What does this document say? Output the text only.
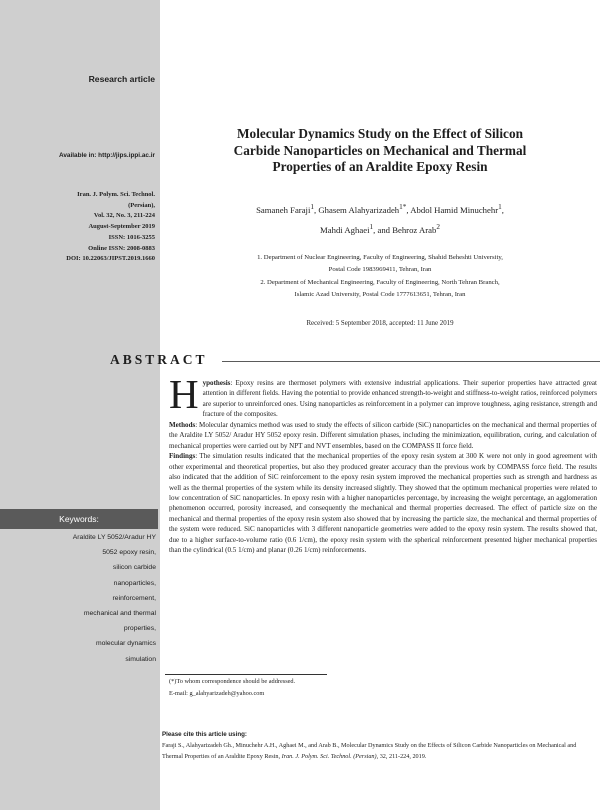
Research article
Available in: http://jips.ippi.ac.ir
Iran. J. Polym. Sci. Technol.
(Persian),
Vol. 32, No. 3, 211-224
August-September 2019
ISSN: 1016-3255
Online ISSN: 2008-0883
DOI: 10.22063/JIPST.2019.1660
Keywords:
Araldite LY 5052/Aradur HY
5052 epoxy resin,
silicon carbide
nanoparticles,
reinforcement,
mechanical and thermal
properties,
molecular dynamics
simulation
Molecular Dynamics Study on the Effect of Silicon
Carbide Nanoparticles on Mechanical and Thermal
Properties of an Araldite Epoxy Resin
Samaneh Faraji$^1$, Ghasem Alahyarizadeh$^{1*}$, Abdol Hamid Minuchehr$^1$,
Mahdi Aghaei$^1$, and Behroz Arab$^2$
1. Department of Nuclear Engineering, Faculty of Engineering, Shahid Beheshti University,
Postal Code 1983969411, Tehran, Iran
2. Department of Mechanical Engineering, Faculty of Engineering, North Tehran Branch,
Islamic Azad University, Postal Code 1777613651, Tehran, Iran
Received: 5 September 2018, accepted: 11 June 2019
ABSTRACT

Hypothesis: Epoxy resins are thermoset polymers with extensive industrial applications. Their superior properties have attracted great attention in different fields. Having the potential to provide enhanced strength-to-weight and stiffness-to-weight ratios, reinforced polymers are superior to unreinforced ones. Using nanoparticles as reinforcement in a polymer can improve toughness, aging resistance, strength and fracture of the composites.

Methods: Molecular dynamics method was used to study the effects of silicon carbide (SiC) nanoparticles on the mechanical and thermal properties of the Araldite LY 5052/ Aradur HY 5052 epoxy resin. Different simulation phases, including the minimization, equilibration, curing, and calculation of mechanical properties were carried out by NPT and NVT ensembles, based on the COMPASS II force field.

Findings: The simulation results indicated that the mechanical properties of the epoxy resin system at 300 K were not only in good agreement with other experimental and theoretical properties, but also they produced greater accuracy than the previous work by COMPASS force field. The results also indicated that the addition of SiC reinforcement to the epoxy resin system improved the mechanical properties such as strength and hardness as well as the thermal properties of the system while its density increased slightly. They showed that the optimum mechanical properties were related to low concentration of SiC nanoparticles. In epoxy resin with a higher nanoparticles percentage, by increasing the weight percentage, an agglomeration phenomenon occurred, porosity increased, and consequently the mechanical and thermal properties decreased. The effect of particle size on the mechanical and thermal properties of the epoxy resin system also showed that by increasing the particle size, the mechanical and thermal properties of the system were reduced. SiC nanoparticles with 3 different nanoparticle geometries were added to the epoxy resin system. The results showed that, due to a higher surface-to-volume ratio (0.6 1/cm), the epoxy resin system with the spherical reinforcement presented higher mechanical properties than the cylindrical (0.5 1/cm) and planar (0.26 1/cm) reinforcements.

(*)To whom correspondence should be addressed.
E-mail: g_alahyarizadeh@yahoo.com
Please cite this article using:
Faraji S., Alahyarizadeh Gh., Minuchehr A.H., Aghaei M., and Arab B., Molecular Dynamics Study on the Effects of Silicon Carbide Nanoparticles on Mechanical and Thermal Properties of an Araldite Epoxy Resin, Iran. J. Polym. Sci. Technol. (Persian), 32, 211-224, 2019.
